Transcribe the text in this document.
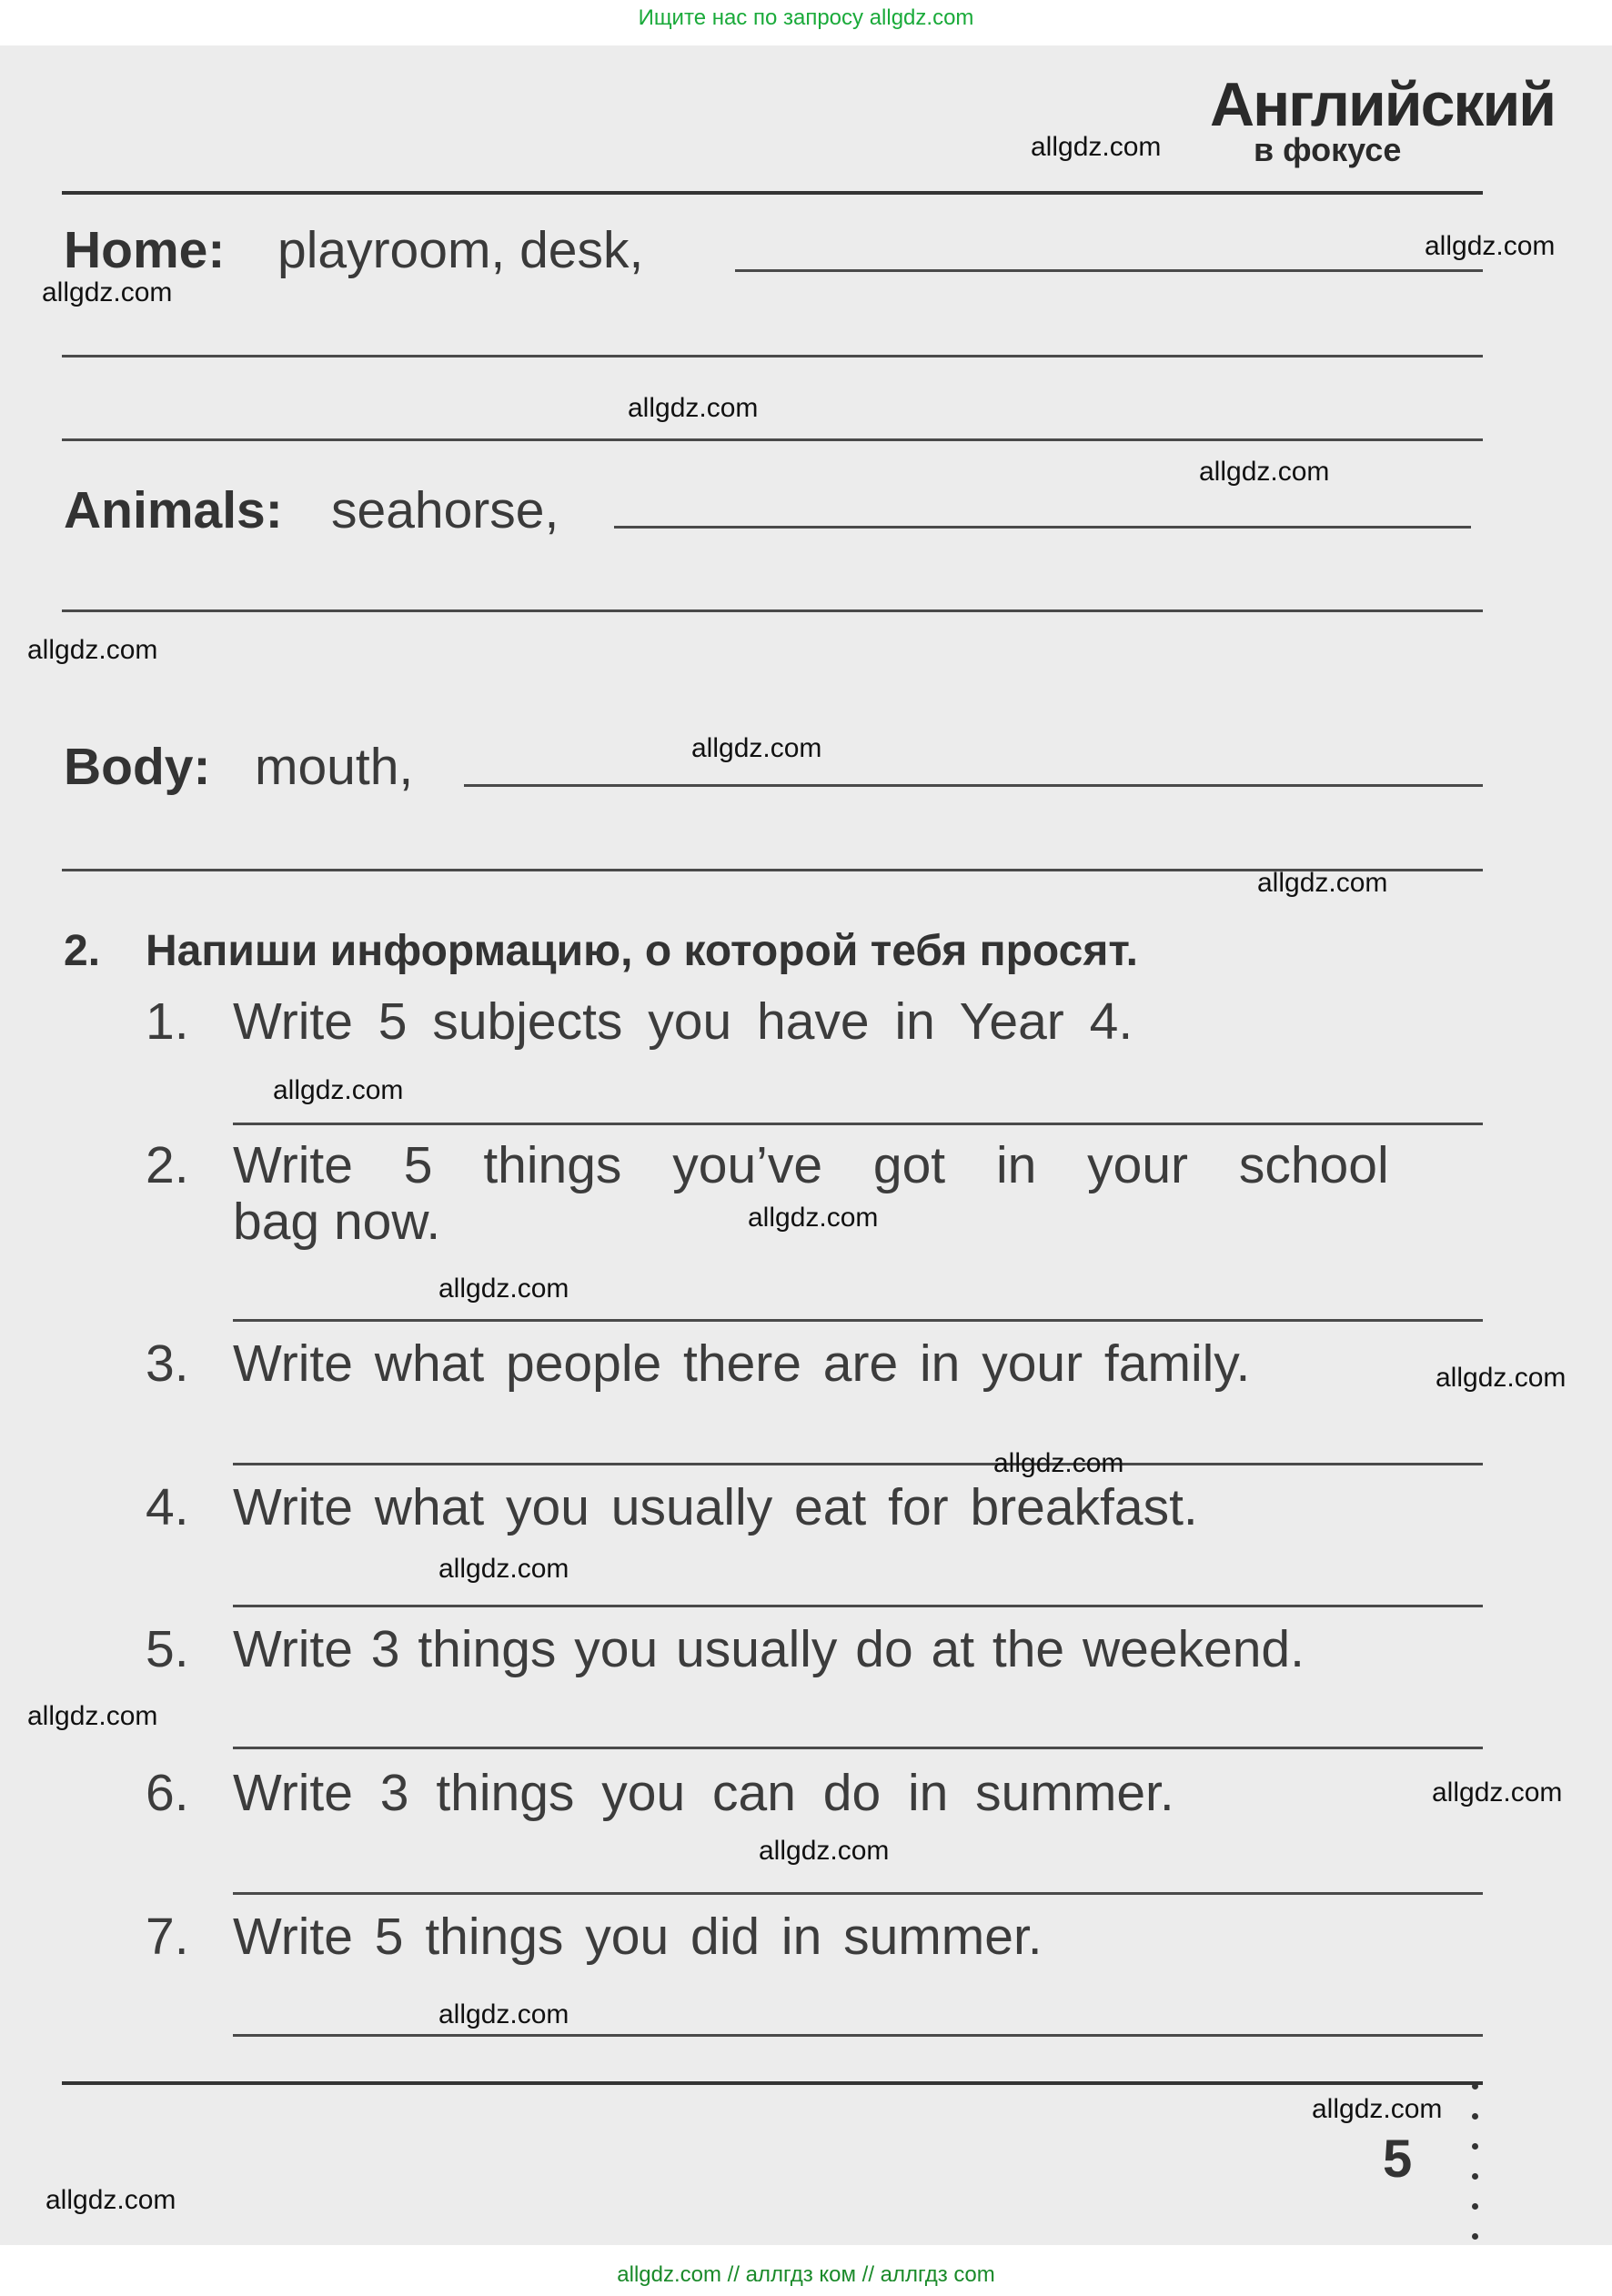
Ищите нас по запросу allgdz.com
Английский
в фокусе
Home: playroom, desk,
Animals: seahorse,
Body: mouth,
2. Напиши информацию, о которой тебя просят.
1. Write 5 subjects you have in Year 4.
2. Write 5 things you’ve got in your school
bag now.
3. Write what people there are in your family.
4. Write what you usually eat for breakfast.
5. Write 3 things you usually do at the weekend.
6. Write 3 things you can do in summer.
7. Write 5 things you did in summer.
5
allgdz.com
allgdz.com
allgdz.com
allgdz.com
allgdz.com
allgdz.com
allgdz.com
allgdz.com
allgdz.com
allgdz.com
allgdz.com
allgdz.com
allgdz.com
allgdz.com
allgdz.com
allgdz.com
allgdz.com
allgdz.com
allgdz.com
allgdz.com
allgdz.com // аллгдз ком // аллгдз com
